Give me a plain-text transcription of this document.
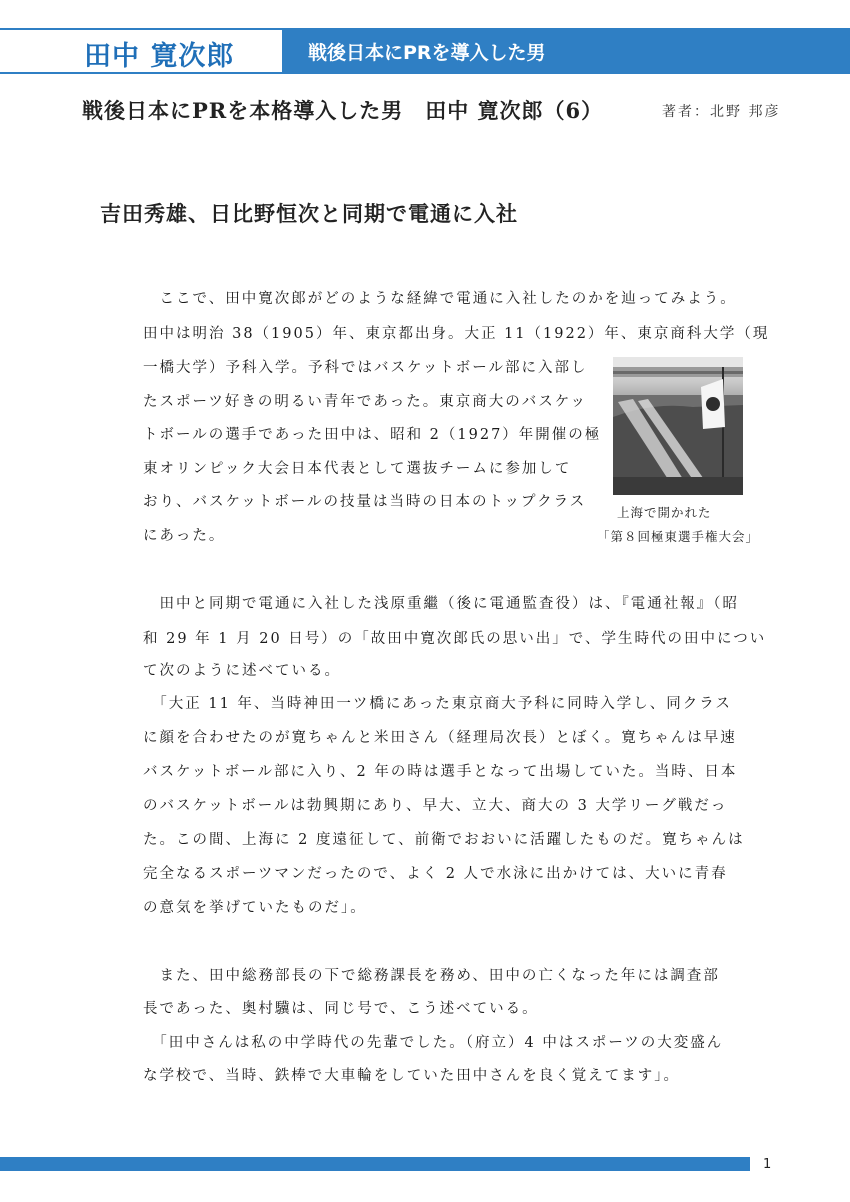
田中 寛次郎	戦後日本にPRを導入した男
戦後日本にPRを本格導入した男　田中 寛次郎（6）	著者：北野 邦彦
吉田秀雄、日比野恒次と同期で電通に入社
　ここで、田中寛次郎がどのような経緯で電通に入社したのかを辿ってみよう。
田中は明治 38（1905）年、東京都出身。大正 11（1922）年、東京商科大学（現
一橋大学）予科入学。予科ではバスケットボール部に入部し
たスポーツ好きの明るい青年であった。東京商大のバスケッ
トボールの選手であった田中は、昭和 2（1927）年開催の極
東オリンピック大会日本代表として選抜チームに参加して
おり、バスケットボールの技量は当時の日本のトップクラス
にあった。
　田中と同期で電通に入社した浅原重繼（後に電通監査役）は、『電通社報』（昭
和 29 年 1 月 20 日号）の「故田中寛次郎氏の思い出」で、学生時代の田中につい
て次のように述べている。
　「大正 11 年、当時神田一ツ橋にあった東京商大予科に同時入学し、同クラス
に顔を合わせたのが寛ちゃんと米田さん（経理局次長）とぼく。寛ちゃんは早速
バスケットボール部に入り、2 年の時は選手となって出場していた。当時、日本
のバスケットボールは勃興期にあり、早大、立大、商大の 3 大学リーグ戦だっ
た。この間、上海に 2 度遠征して、前衛でおおいに活躍したものだ。寛ちゃんは
完全なるスポーツマンだったので、よく 2 人で水泳に出かけては、大いに青春
の意気を挙げていたものだ」。
　また、田中総務部長の下で総務課長を務め、田中の亡くなった年には調査部
長であった、奥村驥は、同じ号で、こう述べている。
　「田中さんは私の中学時代の先輩でした。（府立）4 中はスポーツの大変盛ん
な学校で、当時、鉄棒で大車輪をしていた田中さんを良く覚えてます」。
上海で開かれた
「第８回極東選手権大会」
1
